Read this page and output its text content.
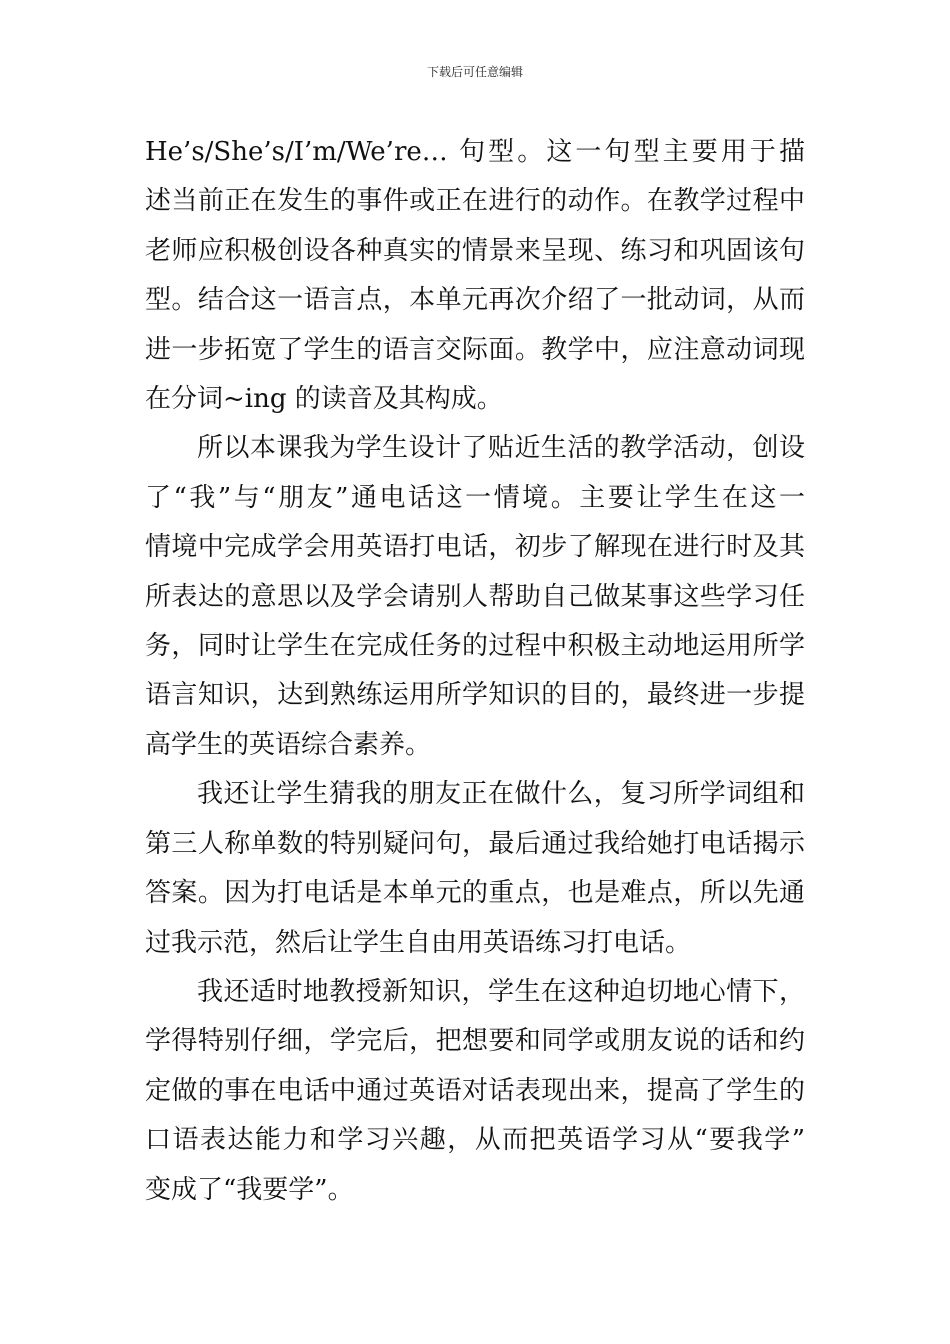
下载后可任意编辑

He’s/She’s/I’m/We’re… 句型。这一句型主要用于描
述当前正在发生的事件或正在进行的动作。在教学过程中
老师应积极创设各种真实的情景来呈现、练习和巩固该句
型。结合这一语言点，本单元再次介绍了一批动词，从而
进一步拓宽了学生的语言交际面。教学中，应注意动词现
在分词~ing 的读音及其构成。

所以本课我为学生设计了贴近生活的教学活动，创设
了“我”与“朋友”通电话这一情境。主要让学生在这一
情境中完成学会用英语打电话，初步了解现在进行时及其
所表达的意思以及学会请别人帮助自己做某事这些学习任
务，同时让学生在完成任务的过程中积极主动地运用所学
语言知识，达到熟练运用所学知识的目的，最终进一步提
高学生的英语综合素养。

我还让学生猜我的朋友正在做什么，复习所学词组和
第三人称单数的特别疑问句，最后通过我给她打电话揭示
答案。因为打电话是本单元的重点，也是难点，所以先通
过我示范，然后让学生自由用英语练习打电话。

我还适时地教授新知识，学生在这种迫切地心情下，
学得特别仔细，学完后，把想要和同学或朋友说的话和约
定做的事在电话中通过英语对话表现出来，提高了学生的
口语表达能力和学习兴趣，从而把英语学习从“要我学”
变成了“我要学”。
